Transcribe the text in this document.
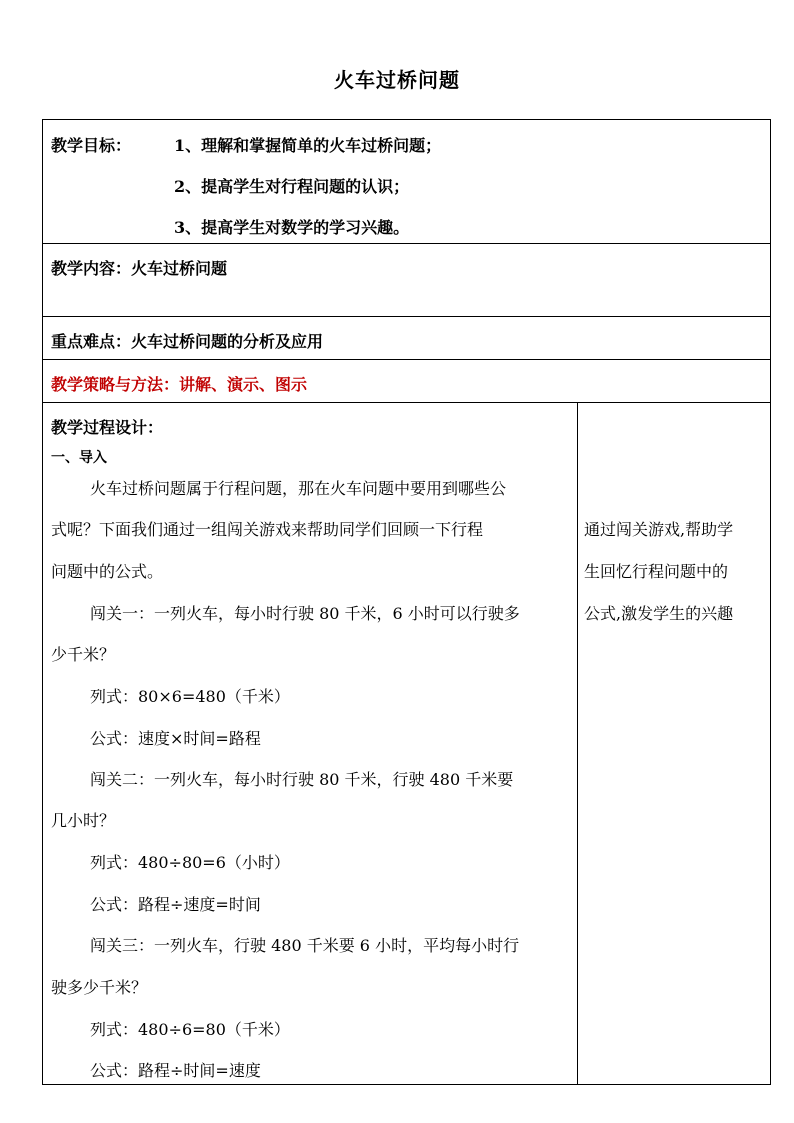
火车过桥问题
教学目标：	1、理解和掌握简单的火车过桥问题；
2、提高学生对行程问题的认识；
3、提高学生对数学的学习兴趣。

教学内容：火车过桥问题

重点难点：火车过桥问题的分析及应用

教学策略与方法：讲解、演示、图示

教学过程设计：
一、导入
火车过桥问题属于行程问题，那在火车问题中要用到哪些公
式呢？下面我们通过一组闯关游戏来帮助同学们回顾一下行程
问题中的公式。
闯关一：一列火车，每小时行驶 80 千米，6 小时可以行驶多
少千米？
列式：80×6=480（千米）
公式：速度×时间=路程
闯关二：一列火车，每小时行驶 80 千米，行驶 480 千米要
几小时？
列式：480÷80=6（小时）
公式：路程÷速度=时间
闯关三：一列火车，行驶 480 千米要 6 小时，平均每小时行
驶多少千米？
列式：480÷6=80（千米）
公式：路程÷时间=速度

通过闯关游戏,帮助学
生回忆行程问题中的
公式,激发学生的兴趣
